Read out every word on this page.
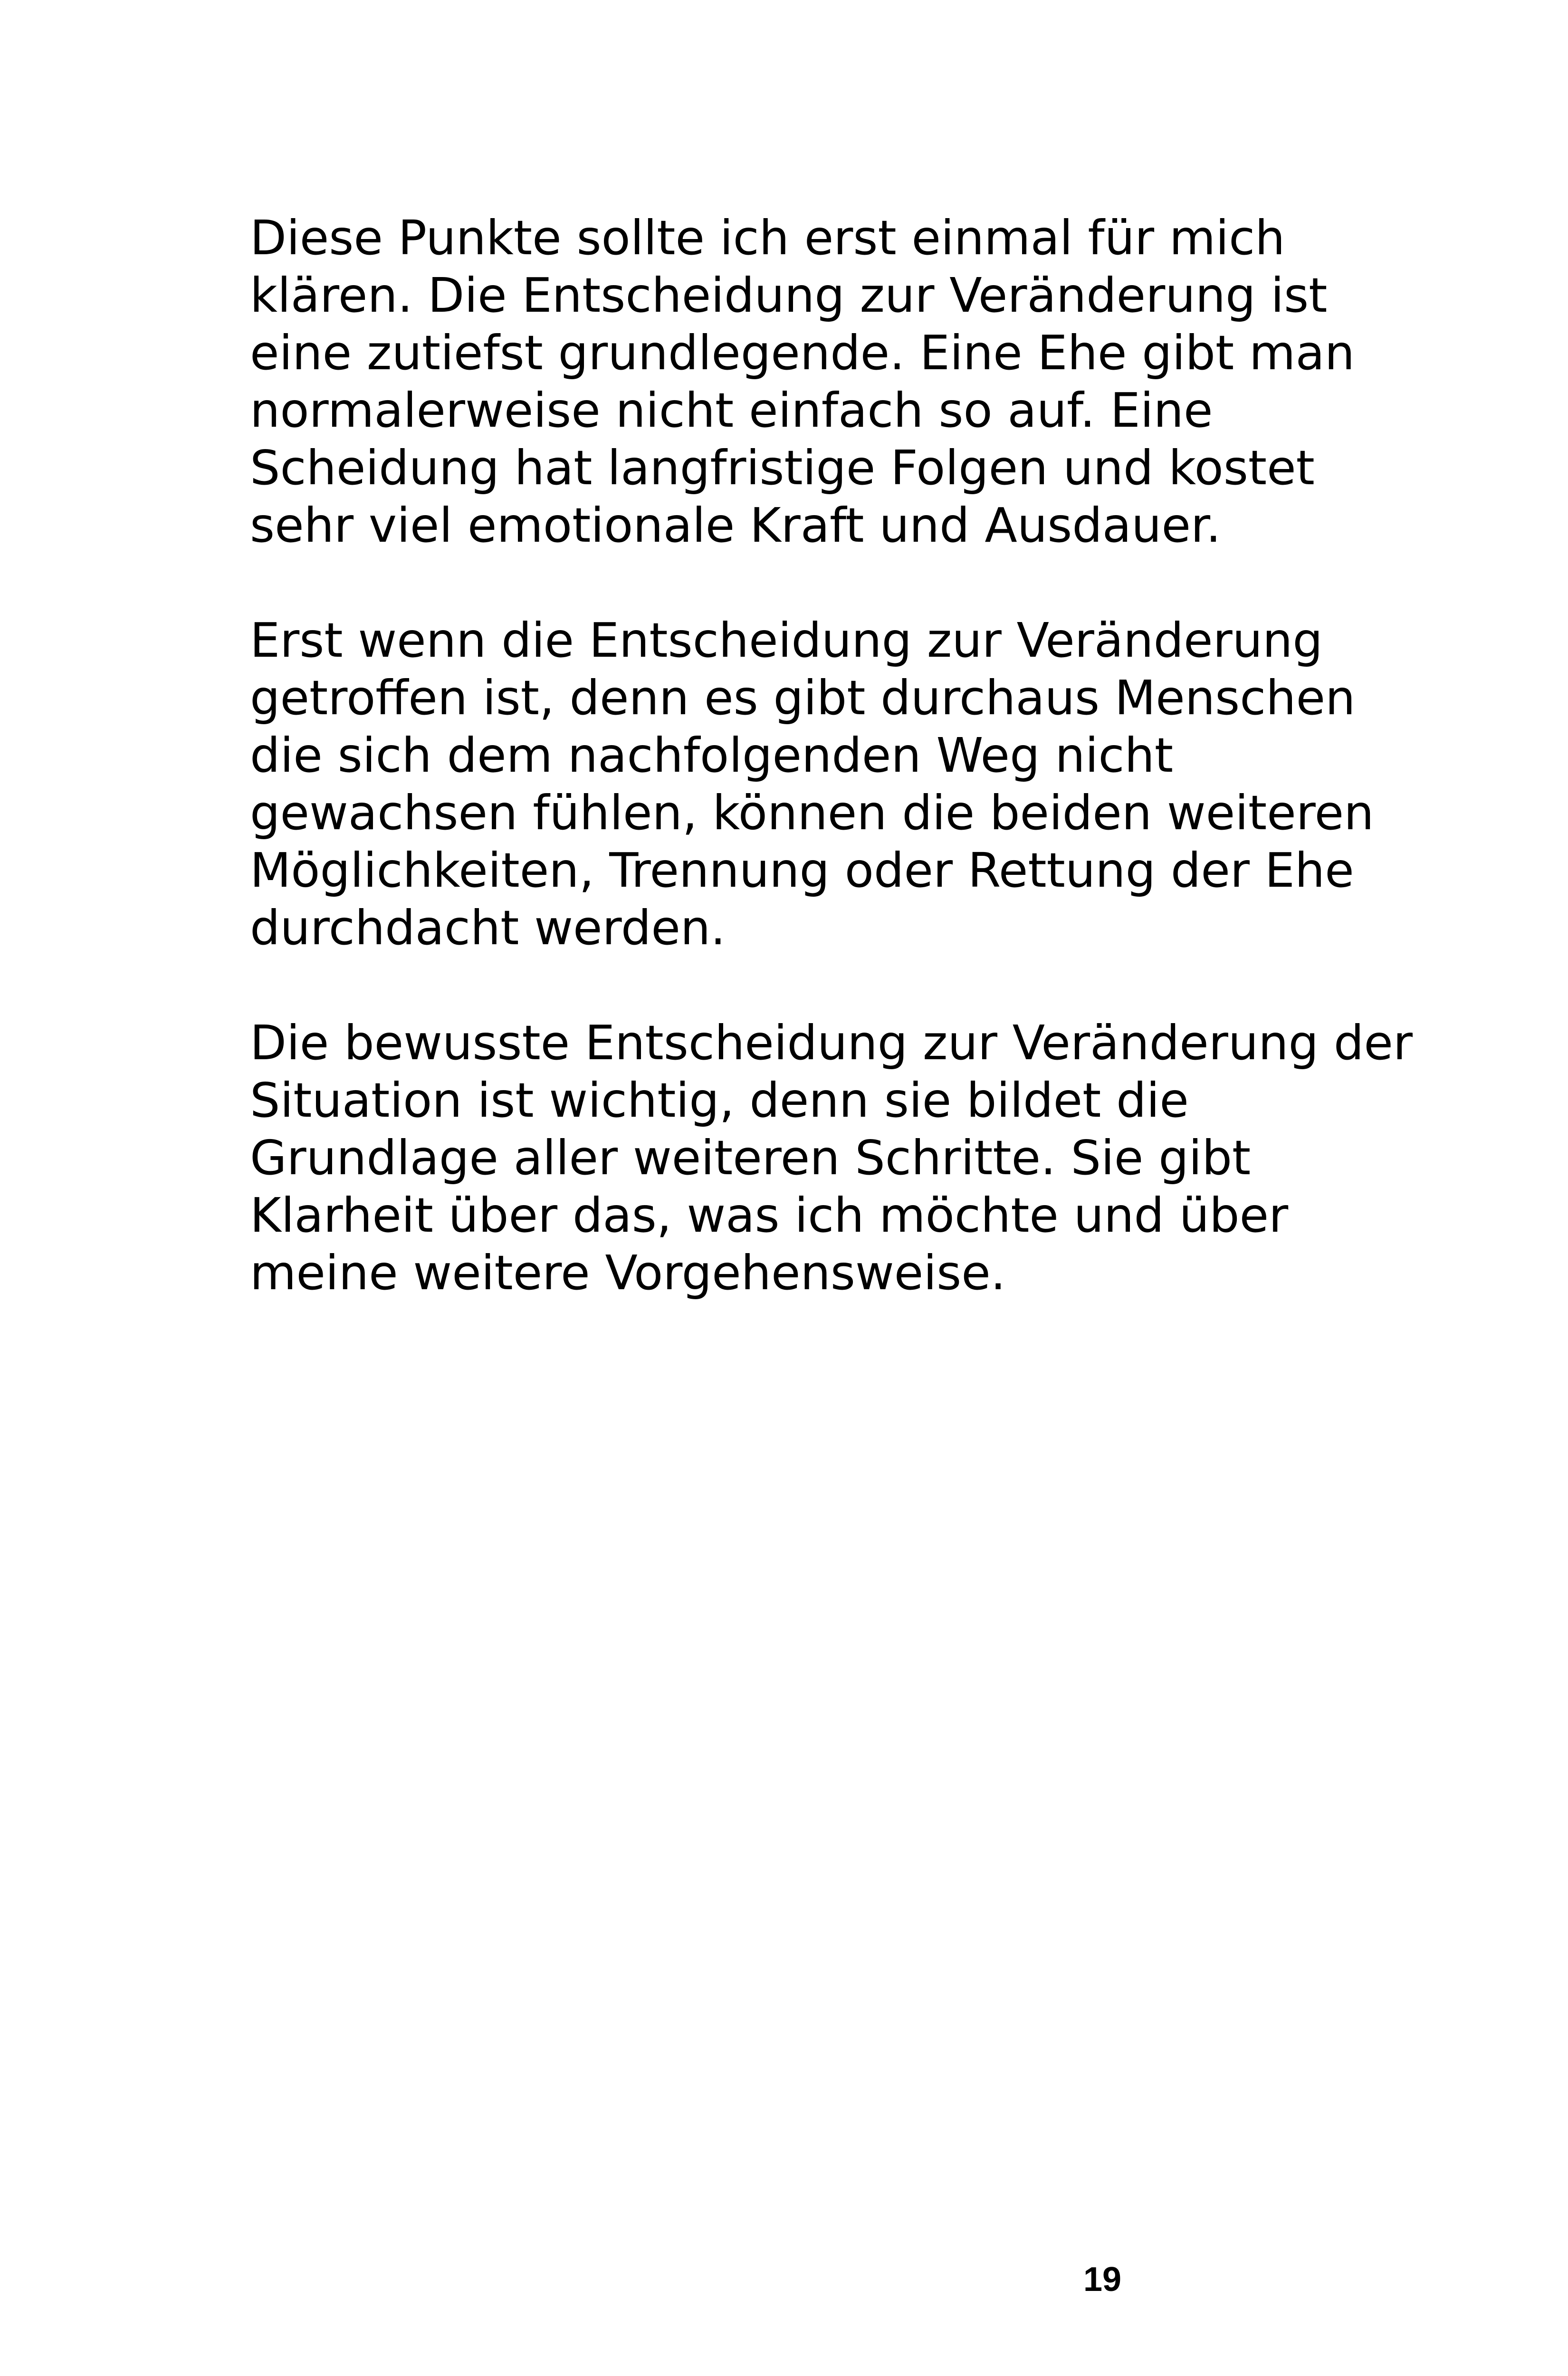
Diese Punkte sollte ich erst einmal für mich
klären. Die Entscheidung zur Veränderung ist
eine zutiefst grundlegende. Eine Ehe gibt man
normalerweise nicht einfach so auf. Eine
Scheidung hat langfristige Folgen und kostet
sehr viel emotionale Kraft und Ausdauer.

Erst wenn die Entscheidung zur Veränderung
getroffen ist, denn es gibt durchaus Menschen
die sich dem nachfolgenden Weg nicht
gewachsen fühlen, können die beiden weiteren
Möglichkeiten, Trennung oder Rettung der Ehe
durchdacht werden.

Die bewusste Entscheidung zur Veränderung der
Situation ist wichtig, denn sie bildet die
Grundlage aller weiteren Schritte. Sie gibt
Klarheit über das, was ich möchte und über
meine weitere Vorgehensweise.

19
